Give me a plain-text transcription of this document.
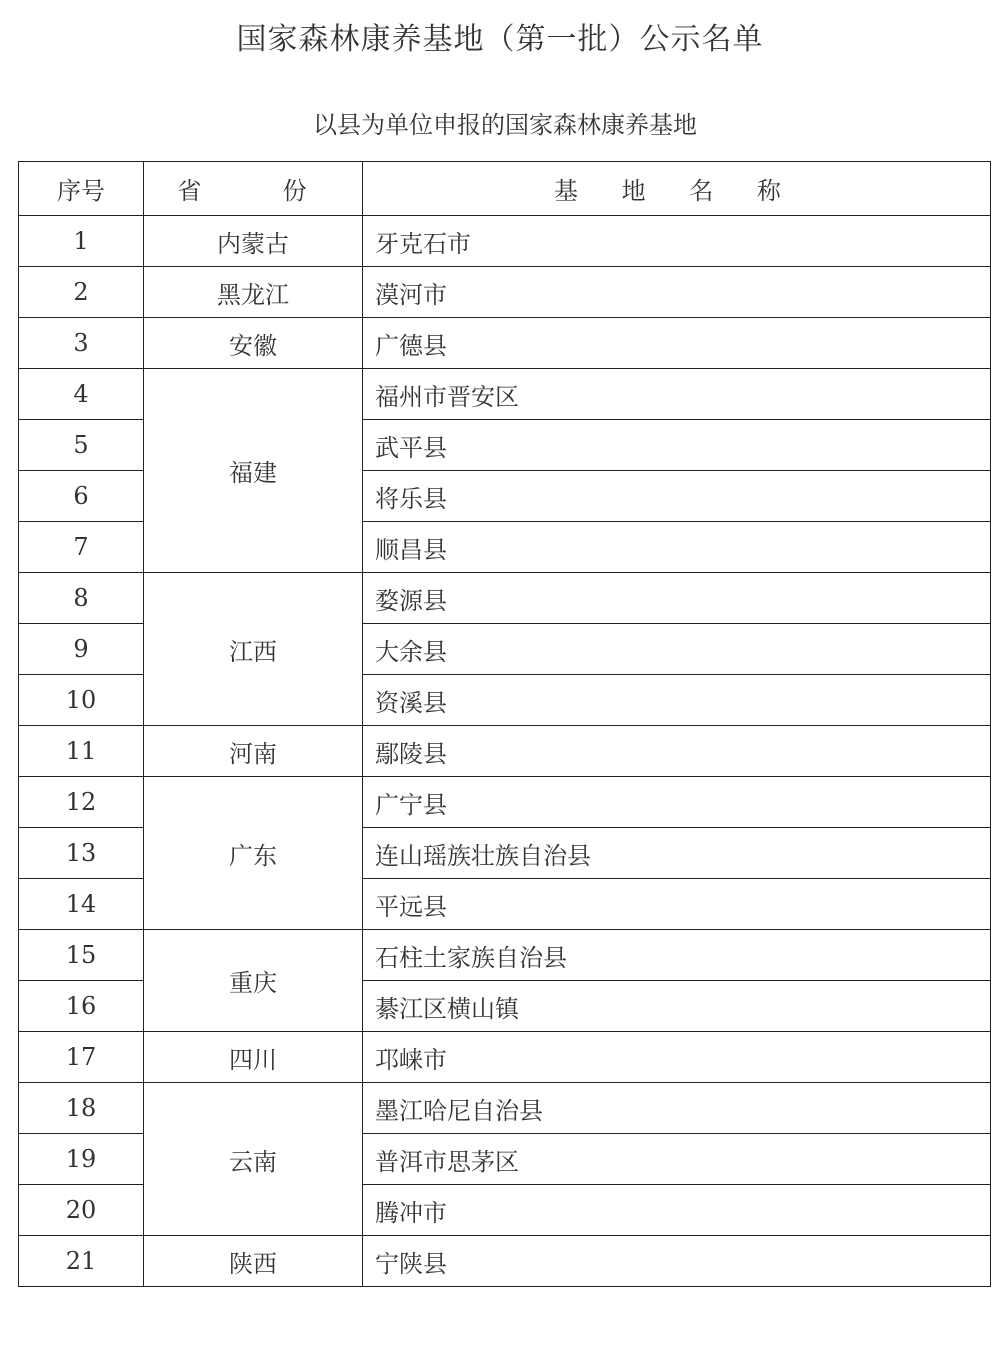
国家森林康养基地（第一批）公示名单
以县为单位申报的国家森林康养基地
序号	省  份	基 地 名 称
1	内蒙古	牙克石市
2	黑龙江	漠河市
3	安徽	广德县
4	福建	福州市晋安区
5		武平县
6		将乐县
7		顺昌县
8	江西	婺源县
9		大余县
10		资溪县
11	河南	鄢陵县
12	广东	广宁县
13		连山瑶族壮族自治县
14		平远县
15	重庆	石柱土家族自治县
16		綦江区横山镇
17	四川	邛崃市
18	云南	墨江哈尼自治县
19		普洱市思茅区
20		腾冲市
21	陕西	宁陕县
